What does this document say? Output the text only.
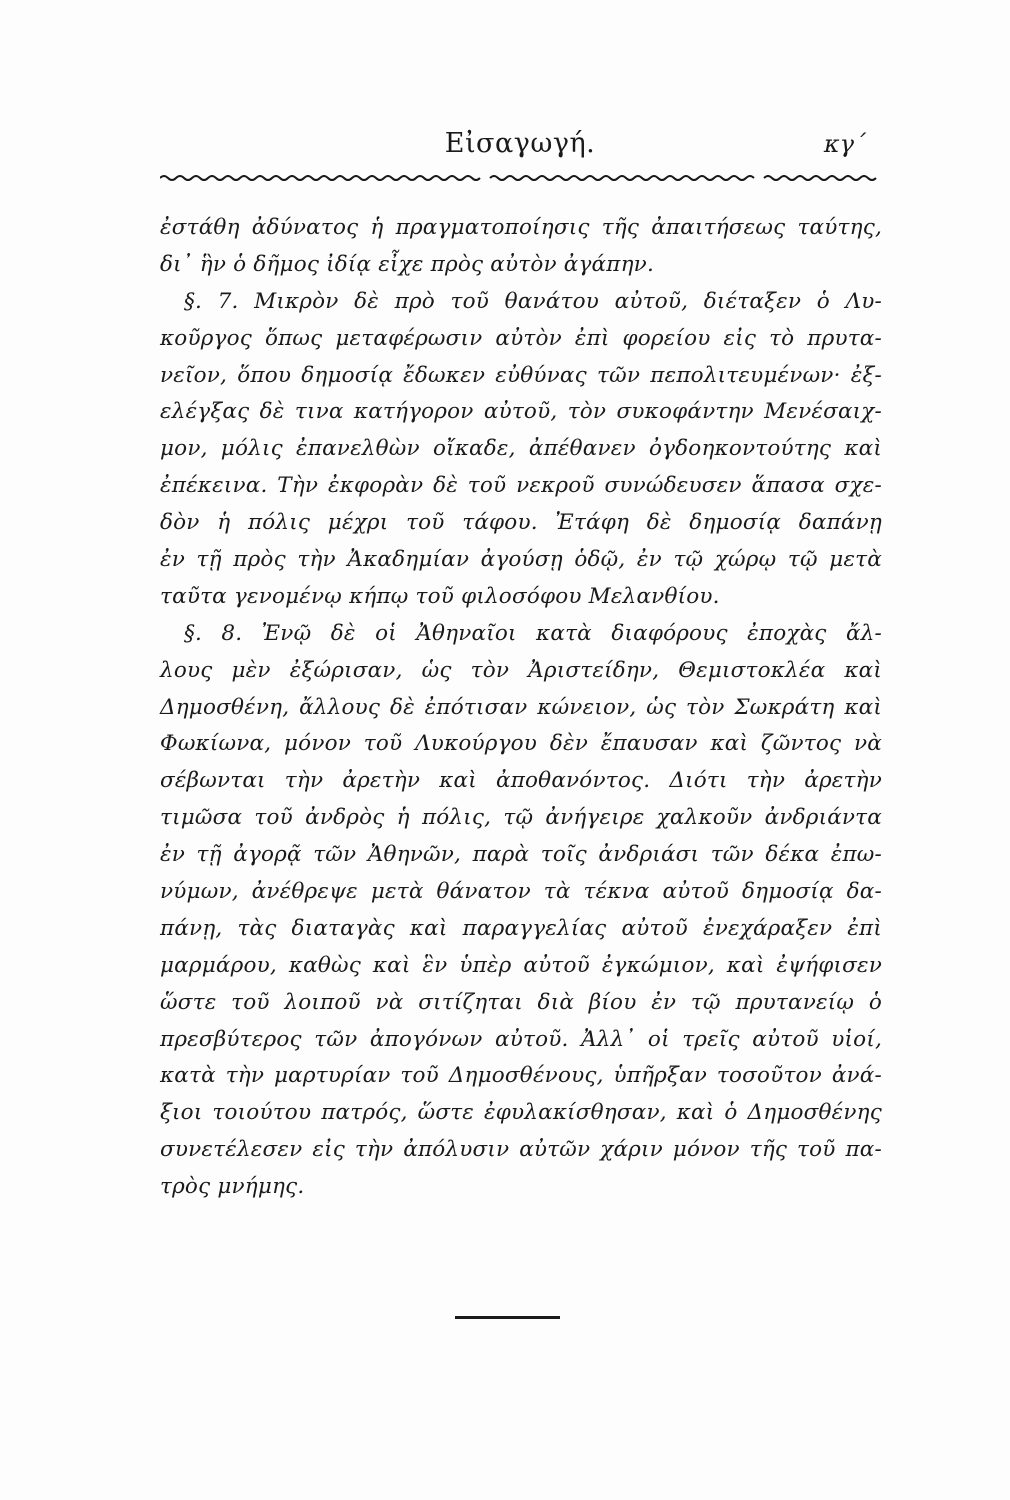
Εἰσαγωγή.	κγ΄
ἐστάθη ἀδύνατος ἡ πραγματοποίησις τῆς ἀπαιτήσεως ταύτης,
δι᾽ ἣν ὁ δῆμος ἰδίᾳ εἶχε πρὸς αὐτὸν ἀγάπην.
§. 7. Μικρὸν δὲ πρὸ τοῦ θανάτου αὐτοῦ, διέταξεν ὁ Λυ-
κοῦργος ὅπως μεταφέρωσιν αὐτὸν ἐπὶ φορείου εἰς τὸ πρυτα-
νεῖον, ὅπου δημοσίᾳ ἔδωκεν εὐθύνας τῶν πεπολιτευμένων· ἐξ-
ελέγξας δὲ τινα κατήγορον αὐτοῦ, τὸν συκοφάντην Μενέσαιχ-
μον, μόλις ἐπανελθὼν οἴκαδε, ἀπέθανεν ὀγδοηκοντούτης καὶ
ἐπέκεινα. Τὴν ἐκφορὰν δὲ τοῦ νεκροῦ συνώδευσεν ἅπασα σχε-
δὸν ἡ πόλις μέχρι τοῦ τάφου. Ἐτάφη δὲ δημοσίᾳ δαπάνῃ
ἐν τῇ πρὸς τὴν Ἀκαδημίαν ἀγούσῃ ὁδῷ, ἐν τῷ χώρῳ τῷ μετὰ
ταῦτα γενομένῳ κήπῳ τοῦ φιλοσόφου Μελανθίου.
§. 8. Ἐνῷ δὲ οἱ Ἀθηναῖοι κατὰ διαφόρους ἐποχὰς ἄλ-
λους μὲν ἐξώρισαν, ὡς τὸν Ἀριστείδην, Θεμιστοκλέα καὶ
Δημοσθένη, ἄλλους δὲ ἐπότισαν κώνειον, ὡς τὸν Σωκράτη καὶ
Φωκίωνα, μόνον τοῦ Λυκούργου δὲν ἔπαυσαν καὶ ζῶντος νὰ
σέβωνται τὴν ἀρετὴν καὶ ἀποθανόντος. Διότι τὴν ἀρετὴν
τιμῶσα τοῦ ἀνδρὸς ἡ πόλις, τῷ ἀνήγειρε χαλκοῦν ἀνδριάντα
ἐν τῇ ἀγορᾷ τῶν Ἀθηνῶν, παρὰ τοῖς ἀνδριάσι τῶν δέκα ἐπω-
νύμων, ἀνέθρεψε μετὰ θάνατον τὰ τέκνα αὐτοῦ δημοσίᾳ δα-
πάνῃ, τὰς διαταγὰς καὶ παραγγελίας αὐτοῦ ἐνεχάραξεν ἐπὶ
μαρμάρου, καθὼς καὶ ἓν ὑπὲρ αὐτοῦ ἐγκώμιον, καὶ ἐψήφισεν
ὥστε τοῦ λοιποῦ νὰ σιτίζηται διὰ βίου ἐν τῷ πρυτανείῳ ὁ
πρεσβύτερος τῶν ἀπογόνων αὐτοῦ. Ἀλλ᾽ οἱ τρεῖς αὐτοῦ υἱοί,
κατὰ τὴν μαρτυρίαν τοῦ Δημοσθένους, ὑπῆρξαν τοσοῦτον ἀνά-
ξιοι τοιούτου πατρός, ὥστε ἐφυλακίσθησαν, καὶ ὁ Δημοσθένης
συνετέλεσεν εἰς τὴν ἀπόλυσιν αὐτῶν χάριν μόνον τῆς τοῦ πα-
τρὸς μνήμης.
